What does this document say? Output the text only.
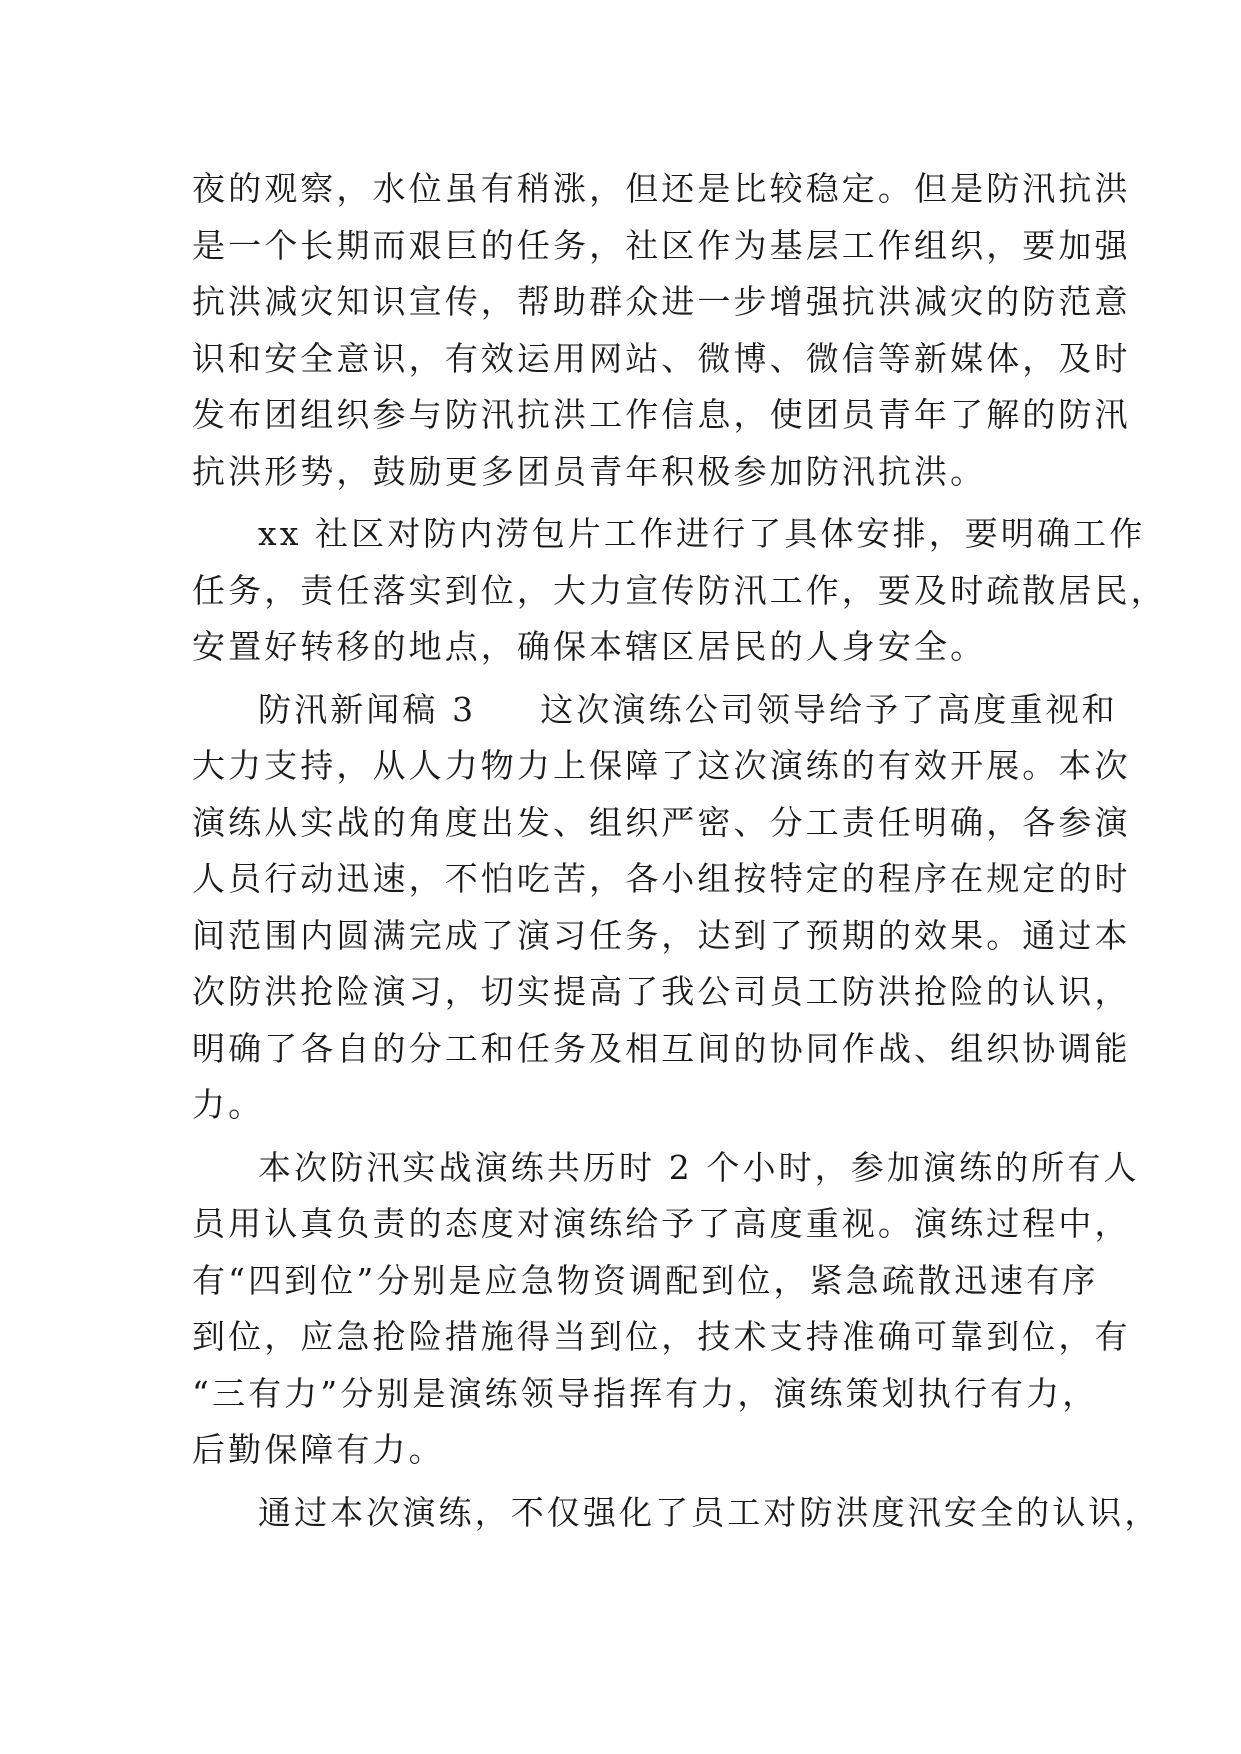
夜的观察，水位虽有稍涨，但还是比较稳定。但是防汛抗洪
是一个长期而艰巨的任务，社区作为基层工作组织，要加强
抗洪减灾知识宣传，帮助群众进一步增强抗洪减灾的防范意
识和安全意识，有效运用网站、微博、微信等新媒体，及时
发布团组织参与防汛抗洪工作信息，使团员青年了解的防汛
抗洪形势，鼓励更多团员青年积极参加防汛抗洪。

xx 社区对防内涝包片工作进行了具体安排，要明确工作
任务，责任落实到位，大力宣传防汛工作，要及时疏散居民，
安置好转移的地点，确保本辖区居民的人身安全。

防汛新闻稿 3 这次演练公司领导给予了高度重视和
大力支持，从人力物力上保障了这次演练的有效开展。本次
演练从实战的角度出发、组织严密、分工责任明确，各参演
人员行动迅速，不怕吃苦，各小组按特定的程序在规定的时
间范围内圆满完成了演习任务，达到了预期的效果。通过本
次防洪抢险演习，切实提高了我公司员工防洪抢险的认识，
明确了各自的分工和任务及相互间的协同作战、组织协调能
力。

本次防汛实战演练共历时 2 个小时，参加演练的所有人
员用认真负责的态度对演练给予了高度重视。演练过程中，
有“四到位”分别是应急物资调配到位，紧急疏散迅速有序
到位，应急抢险措施得当到位，技术支持准确可靠到位，有
“三有力”分别是演练领导指挥有力，演练策划执行有力，
后勤保障有力。

通过本次演练，不仅强化了员工对防洪度汛安全的认识，
